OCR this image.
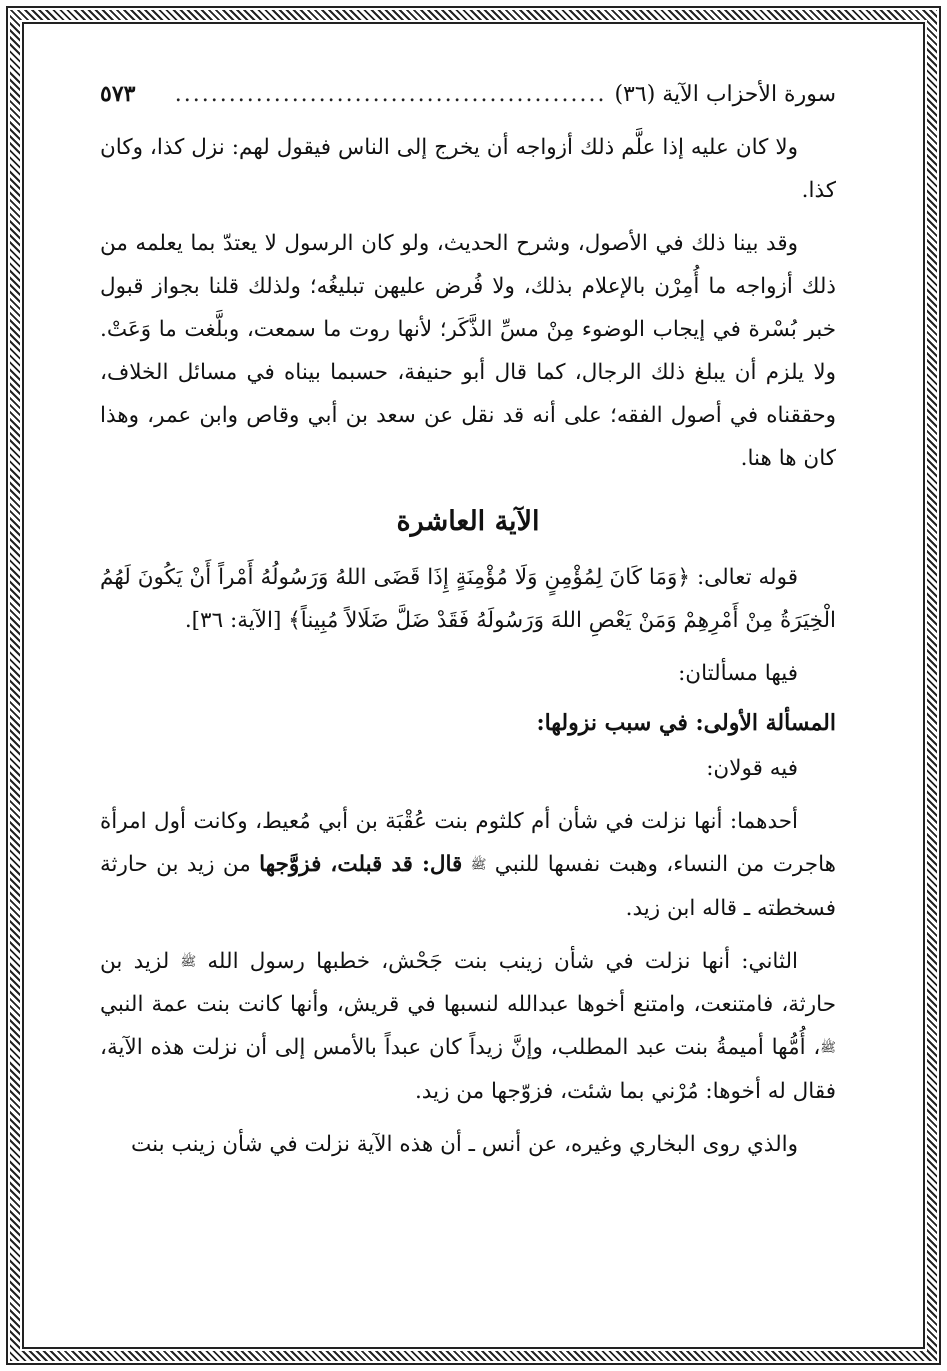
سورة الأحزاب الآية (٣٦)
................................................
٥٧٣

ولا كان عليه إذا علَّم ذلك أزواجه أن يخرج إلى الناس فيقول لهم: نزل كذا، وكان كذا.

وقد بينا ذلك في الأصول، وشرح الحديث، ولو كان الرسول لا يعتدّ بما يعلمه من ذلك أزواجه ما أُمِرْن بالإعلام بذلك، ولا فُرض عليهن تبليغُه؛ ولذلك قلنا بجواز قبول خبر بُسْرة في إيجاب الوضوء مِنْ مسِّ الذَّكَر؛ لأنها روت ما سمعت، وبلَّغت ما وَعَتْ. ولا يلزم أن يبلغ ذلك الرجال، كما قال أبو حنيفة، حسبما بيناه في مسائل الخلاف، وحققناه في أصول الفقه؛ على أنه قد نقل عن سعد بن أبي وقاص وابن عمر، وهذا كان ها هنا.

الآية العاشرة

قوله تعالى: ﴿وَمَا كَانَ لِمُؤْمِنٍ وَلَا مُؤْمِنَةٍ إِذَا قَضَى اللهُ وَرَسُولُهُ أَمْراً أَنْ يَكُونَ لَهُمُ الْخِيَرَةُ مِنْ أَمْرِهِمْ وَمَنْ يَعْصِ اللهَ وَرَسُولَهُ فَقَدْ ضَلَّ ضَلَالاً مُبِيناً﴾ [الآية: ٣٦].

فيها مسألتان:

المسألة الأولى: في سبب نزولها:

فيه قولان:

أحدهما: أنها نزلت في شأن أم كلثوم بنت عُقْبَة بن أبي مُعيط، وكانت أول امرأة هاجرت من النساء، وهبت نفسها للنبي ﷺ قال: قد قبلت، فزوَّجها من زيد بن حارثة فسخطته ـ قاله ابن زيد.

الثاني: أنها نزلت في شأن زينب بنت جَحْش، خطبها رسول الله ﷺ لزيد بن حارثة، فامتنعت، وامتنع أخوها عبدالله لنسبها في قريش، وأنها كانت بنت عمة النبي ﷺ، أُمُّها أميمةُ بنت عبد المطلب، وإنَّ زيداً كان عبداً بالأمس إلى أن نزلت هذه الآية، فقال له أخوها: مُرْني بما شئت، فزوّجها من زيد.

والذي روى البخاري وغيره، عن أنس ـ أن هذه الآية نزلت في شأن زينب بنت
